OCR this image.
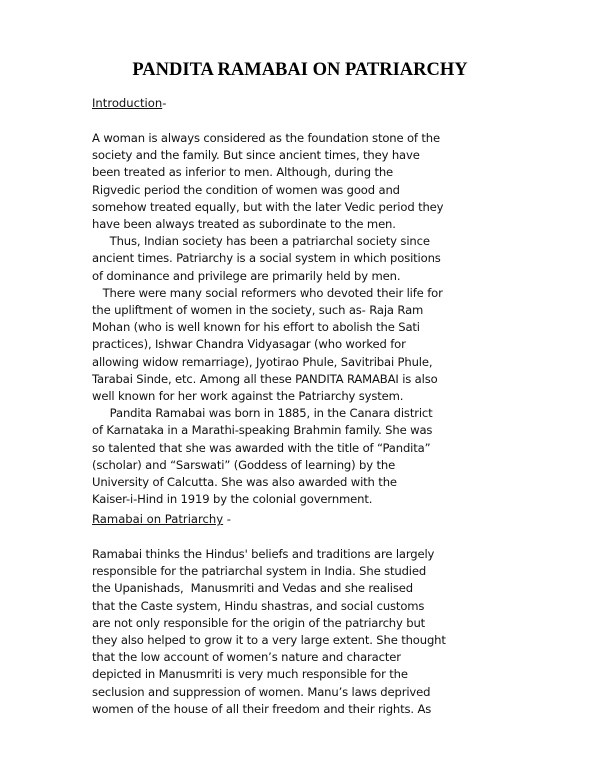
PANDITA RAMABAI ON PATRIARCHY

Introduction-

A woman is always considered as the foundation stone of the
society and the family. But since ancient times, they have
been treated as inferior to men. Although, during the
Rigvedic period the condition of women was good and
somehow treated equally, but with the later Vedic period they
have been always treated as subordinate to the men.
Thus, Indian society has been a patriarchal society since
ancient times. Patriarchy is a social system in which positions
of dominance and privilege are primarily held by men.
There were many social reformers who devoted their life for
the upliftment of women in the society, such as- Raja Ram
Mohan (who is well known for his effort to abolish the Sati
practices), Ishwar Chandra Vidyasagar (who worked for
allowing widow remarriage), Jyotirao Phule, Savitribai Phule,
Tarabai Sinde, etc. Among all these PANDITA RAMABAI is also
well known for her work against the Patriarchy system.
Pandita Ramabai was born in 1885, in the Canara district
of Karnataka in a Marathi-speaking Brahmin family. She was
so talented that she was awarded with the title of “Pandita”
(scholar) and “Sarswati” (Goddess of learning) by the
University of Calcutta. She was also awarded with the
Kaiser-i-Hind in 1919 by the colonial government.

Ramabai on Patriarchy -

Ramabai thinks the Hindus' beliefs and traditions are largely
responsible for the patriarchal system in India. She studied
the Upanishads,  Manusmriti and Vedas and she realised
that the Caste system, Hindu shastras, and social customs
are not only responsible for the origin of the patriarchy but
they also helped to grow it to a very large extent. She thought
that the low account of women’s nature and character
depicted in Manusmriti is very much responsible for the
seclusion and suppression of women. Manu’s laws deprived
women of the house of all their freedom and their rights. As
